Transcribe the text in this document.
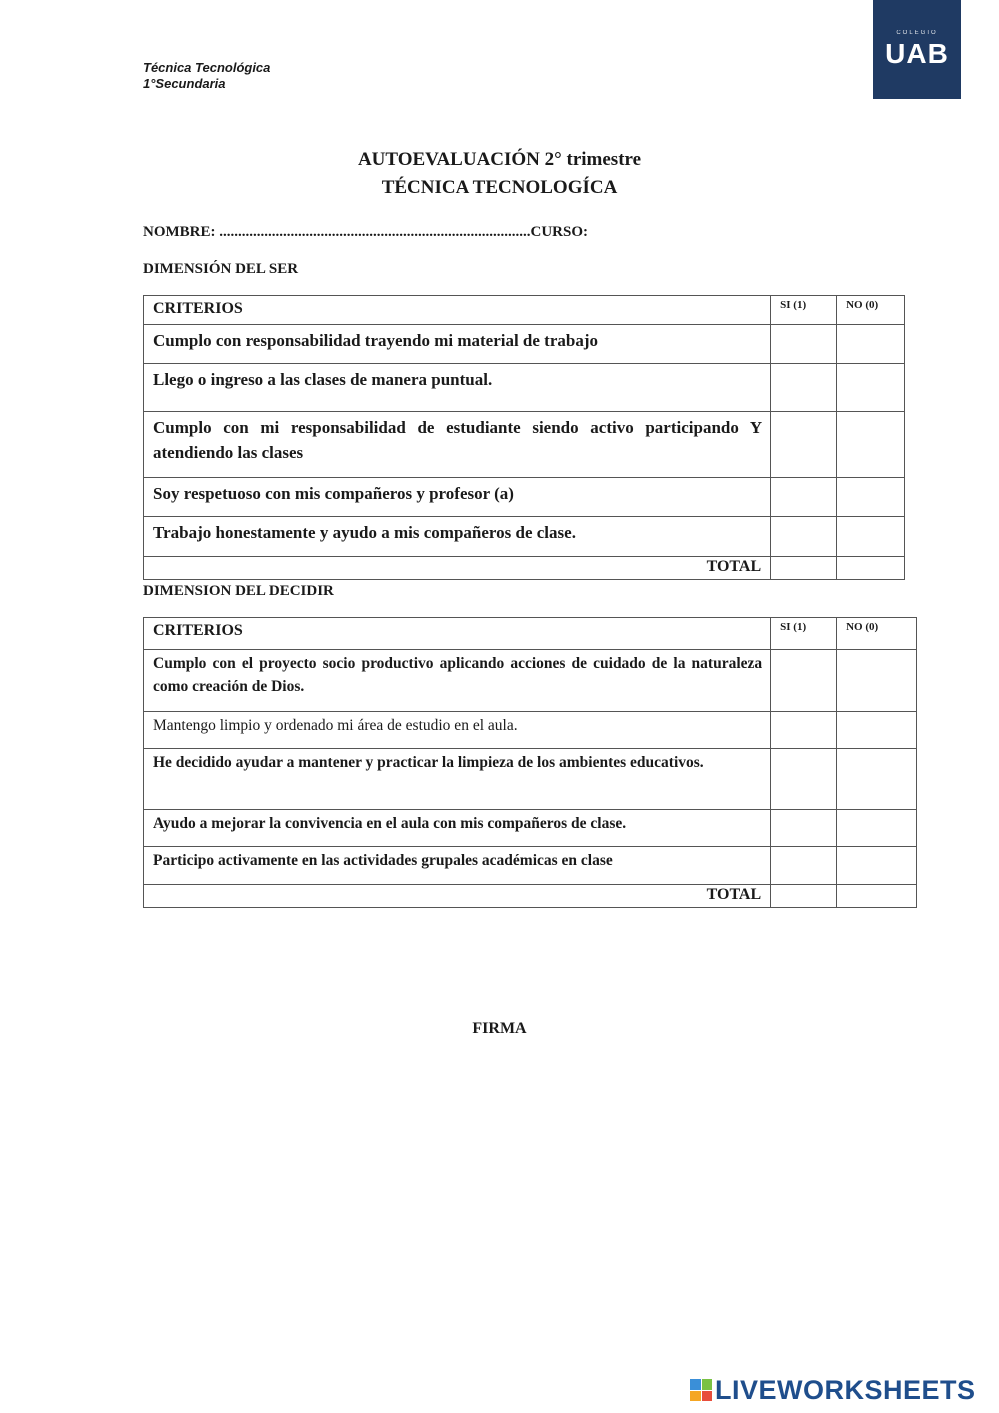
Técnica Tecnológica
1°Secundaria
COLEGIO
UAB
AUTOEVALUACIÓN 2° trimestre
TÉCNICA TECNOLOGÍCA
NOMBRE: ...................................................................................CURSO:
DIMENSIÓN DEL SER
CRITERIOS	SI (1)	NO (0)

Cumplo con responsabilidad trayendo mi material de trabajo		

Llego o ingreso a las clases de manera puntual.		

Cumplo con mi responsabilidad de estudiante siendo activo participando Y atendiendo las clases		

Soy respetuoso con mis compañeros y profesor (a)		

Trabajo honestamente y ayudo a mis compañeros de clase.		

TOTAL		

DIMENSION DEL DECIDIR
CRITERIOS	SI (1)	NO (0)

Cumplo con el proyecto socio productivo aplicando acciones de cuidado de la naturaleza como creación de Dios.		

Mantengo limpio y ordenado mi área de estudio en el aula.		

He decidido ayudar a mantener y practicar la limpieza de los ambientes educativos.		

Ayudo a mejorar la convivencia en el aula con mis compañeros de clase.		

Participo activamente en las actividades grupales académicas en clase		

TOTAL		

FIRMA
LIVEWORKSHEETS
